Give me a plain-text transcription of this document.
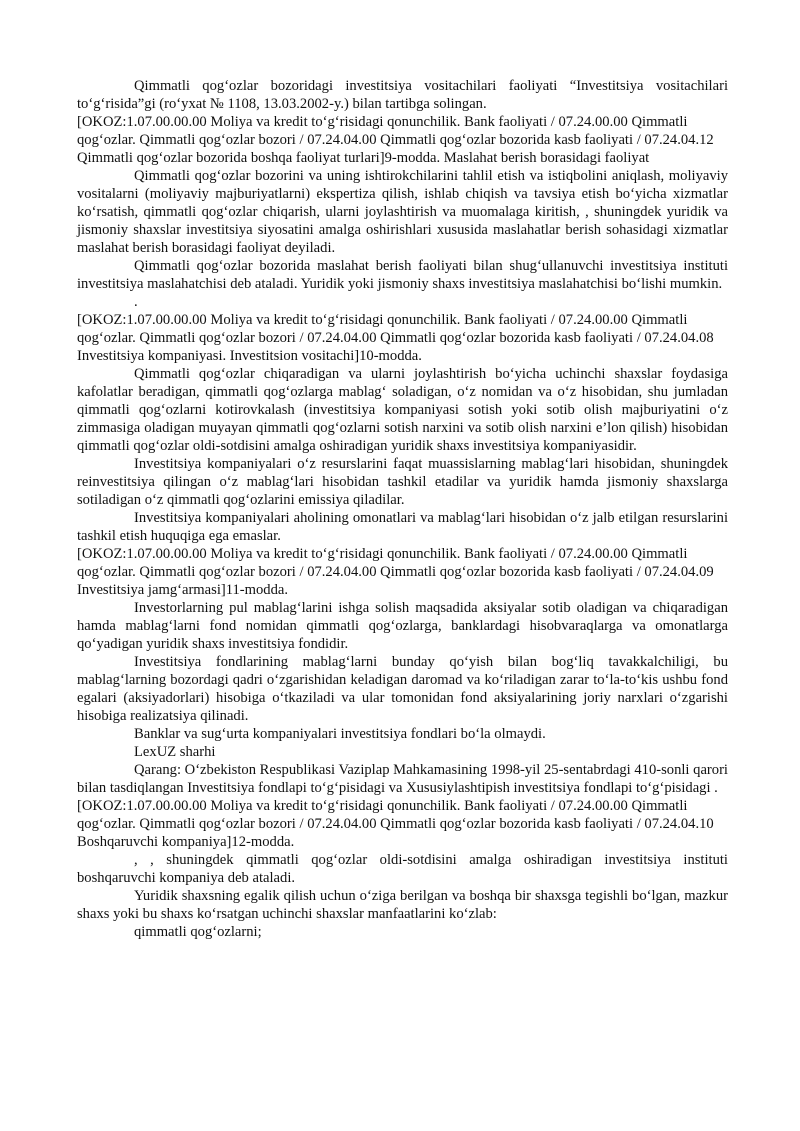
Qimmatli qog‘ozlar bozoridagi investitsiya vositachilari faoliyati “Investitsiya vositachilari to‘g‘risida”gi (ro‘yxat № 1108, 13.03.2002-y.) bilan tartibga solingan.

[OKOZ:1.07.00.00.00 Moliya va kredit to‘g‘risidagi qonunchilik. Bank faoliyati / 07.24.00.00 Qimmatli qog‘ozlar. Qimmatli qog‘ozlar bozori / 07.24.04.00 Qimmatli qog‘ozlar bozorida kasb faoliyati / 07.24.04.12 Qimmatli qog‘ozlar bozorida boshqa faoliyat turlari]9-modda. Maslahat berish borasidagi faoliyat

Qimmatli qog‘ozlar bozorini va uning ishtirokchilarini tahlil etish va istiqbolini aniqlash, moliyaviy vositalarni (moliyaviy majburiyatlarni) ekspertiza qilish, ishlab chiqish va tavsiya etish bo‘yicha xizmatlar ko‘rsatish, qimmatli qog‘ozlar chiqarish, ularni joylashtirish va muomalaga kiritish, , shuningdek yuridik va jismoniy shaxslar investitsiya siyosatini amalga oshirishlari xususida maslahatlar berish sohasidagi xizmatlar maslahat berish borasidagi faoliyat deyiladi.

Qimmatli qog‘ozlar bozorida maslahat berish faoliyati bilan shug‘ullanuvchi investitsiya instituti investitsiya maslahatchisi deb ataladi. Yuridik yoki jismoniy shaxs investitsiya maslahatchisi bo‘lishi mumkin.

.

[OKOZ:1.07.00.00.00 Moliya va kredit to‘g‘risidagi qonunchilik. Bank faoliyati / 07.24.00.00 Qimmatli qog‘ozlar. Qimmatli qog‘ozlar bozori / 07.24.04.00 Qimmatli qog‘ozlar bozorida kasb faoliyati / 07.24.04.08 Investitsiya kompaniyasi. Investitsion vositachi]10-modda.

Qimmatli qog‘ozlar chiqaradigan va ularni joylashtirish bo‘yicha uchinchi shaxslar foydasiga kafolatlar beradigan, qimmatli qog‘ozlarga mablag‘ soladigan, o‘z nomidan va o‘z hisobidan, shu jumladan qimmatli qog‘ozlarni kotirovkalash (investitsiya kompaniyasi sotish yoki sotib olish majburiyatini o‘z zimmasiga oladigan muyayan qimmatli qog‘ozlarni sotish narxini va sotib olish narxini e’lon qilish) hisobidan qimmatli qog‘ozlar oldi-sotdisini amalga oshiradigan yuridik shaxs investitsiya kompaniyasidir.

Investitsiya kompaniyalari o‘z resurslarini faqat muassislarning mablag‘lari hisobidan, shuningdek reinvestitsiya qilingan o‘z mablag‘lari hisobidan tashkil etadilar va yuridik hamda jismoniy shaxslarga sotiladigan o‘z qimmatli qog‘ozlarini emissiya qiladilar.

Investitsiya kompaniyalari aholining omonatlari va mablag‘lari hisobidan o‘z jalb etilgan resurslarini tashkil etish huquqiga ega emaslar.

[OKOZ:1.07.00.00.00 Moliya va kredit to‘g‘risidagi qonunchilik. Bank faoliyati / 07.24.00.00 Qimmatli qog‘ozlar. Qimmatli qog‘ozlar bozori / 07.24.04.00 Qimmatli qog‘ozlar bozorida kasb faoliyati / 07.24.04.09 Investitsiya jamg‘armasi]11-modda.

Investorlarning pul mablag‘larini ishga solish maqsadida aksiyalar sotib oladigan va chiqaradigan hamda mablag‘larni fond nomidan qimmatli qog‘ozlarga, banklardagi hisobvaraqlarga va omonatlarga qo‘yadigan yuridik shaxs investitsiya fondidir.

Investitsiya fondlarining mablag‘larni bunday qo‘yish bilan bog‘liq tavakkalchiligi, bu mablag‘larning bozordagi qadri o‘zgarishidan keladigan daromad va ko‘riladigan zarar to‘la-to‘kis ushbu fond egalari (aksiyadorlari) hisobiga o‘tkaziladi va ular tomonidan fond aksiyalarining joriy narxlari o‘zgarishi hisobiga realizatsiya qilinadi.

Banklar va sug‘urta kompaniyalari investitsiya fondlari bo‘la olmaydi.

LexUZ sharhi

Qarang: O‘zbekiston Respublikasi Vaziplap Mahkamasining 1998-yil 25-sentabrdagi 410-sonli qarori bilan tasdiqlangan Investitsiya fondlapi to‘g‘pisidagi va Xususiylashtipish investitsiya fondlapi to‘g‘pisidagi .

[OKOZ:1.07.00.00.00 Moliya va kredit to‘g‘risidagi qonunchilik. Bank faoliyati / 07.24.00.00 Qimmatli qog‘ozlar. Qimmatli qog‘ozlar bozori / 07.24.04.00 Qimmatli qog‘ozlar bozorida kasb faoliyati / 07.24.04.10 Boshqaruvchi kompaniya]12-modda.

, , shuningdek qimmatli qog‘ozlar oldi-sotdisini amalga oshiradigan investitsiya instituti boshqaruvchi kompaniya deb ataladi.

Yuridik shaxsning egalik qilish uchun o‘ziga berilgan va boshqa bir shaxsga tegishli bo‘lgan, mazkur shaxs yoki bu shaxs ko‘rsatgan uchinchi shaxslar manfaatlarini ko‘zlab:

qimmatli qog‘ozlarni;
